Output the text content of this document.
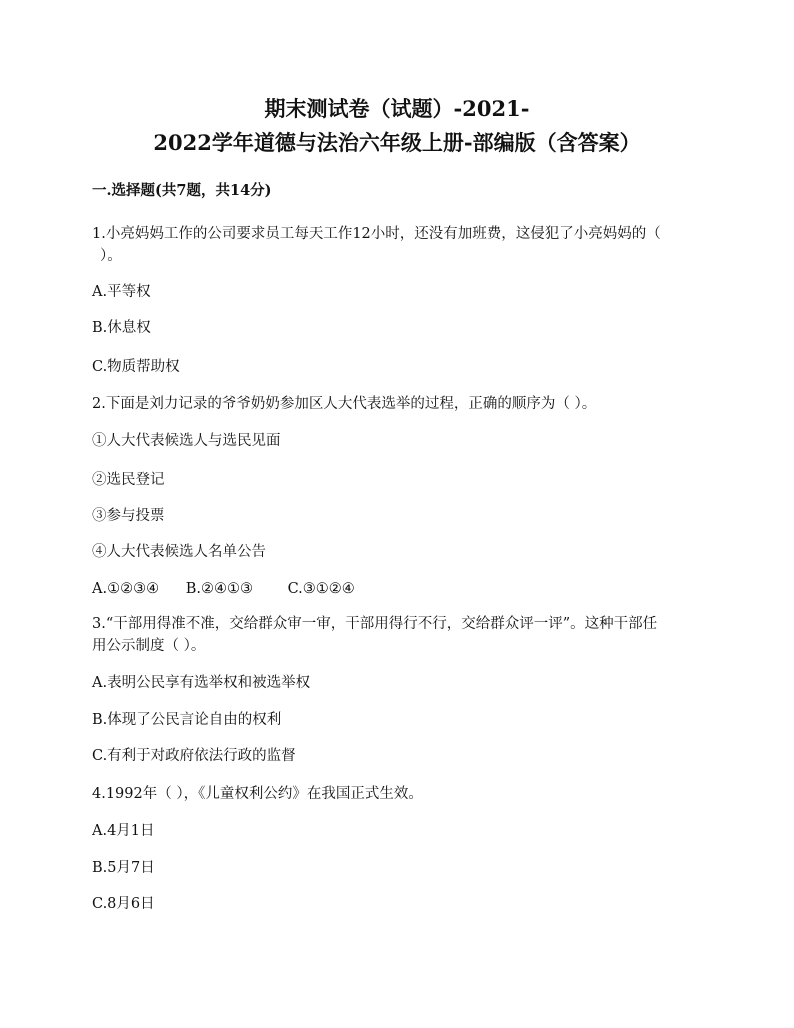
期末测试卷（试题）-2021-
2022学年道德与法治六年级上册-部编版（含答案）
一.选择题(共7题，共14分)
1.小亮妈妈工作的公司要求员工每天工作12小时，还没有加班费，这侵犯了小亮妈妈的（
）。
A.平等权
B.休息权
C.物质帮助权
2.下面是刘力记录的爷爷奶奶参加区人大代表选举的过程，正确的顺序为（ ）。
①人大代表候选人与选民见面
②选民登记
③参与投票
④人大代表候选人名单公告
A.①②③④ B.②④①③ C.③①②④
3.“干部用得准不准，交给群众审一审，干部用得行不行，交给群众评一评”。这种干部任
用公示制度（ ）。
A.表明公民享有选举权和被选举权
B.体现了公民言论自由的权利
C.有利于对政府依法行政的监督
4.1992年（ ），《儿童权利公约》在我国正式生效。
A.4月1日
B.5月7日
C.8月6日
